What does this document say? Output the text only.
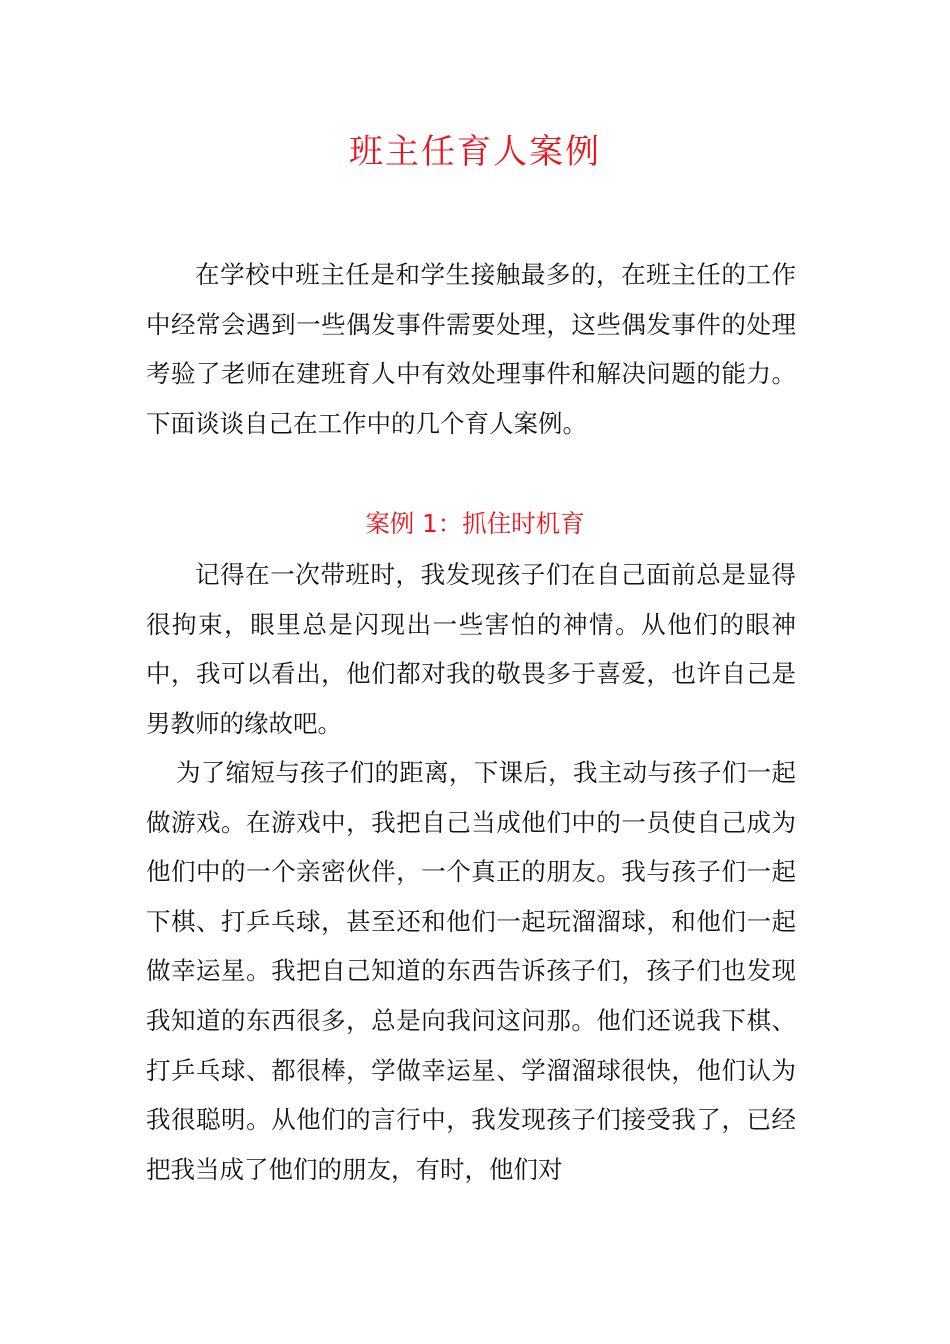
班主任育人案例

在学校中班主任是和学生接触最多的，在班主任的工作中经常会遇到一些偶发事件需要处理，这些偶发事件的处理考验了老师在建班育人中有效处理事件和解决问题的能力。下面谈谈自己在工作中的几个育人案例。

案例 1：抓住时机育

记得在一次带班时，我发现孩子们在自己面前总是显得很拘束，眼里总是闪现出一些害怕的神情。从他们的眼神中，我可以看出，他们都对我的敬畏多于喜爱，也许自己是男教师的缘故吧。

为了缩短与孩子们的距离，下课后，我主动与孩子们一起做游戏。在游戏中，我把自己当成他们中的一员使自己成为他们中的一个亲密伙伴，一个真正的朋友。我与孩子们一起下棋、打乒乓球，甚至还和他们一起玩溜溜球，和他们一起做幸运星。我把自己知道的东西告诉孩子们，孩子们也发现我知道的东西很多，总是向我问这问那。他们还说我下棋、打乒乓球、都很棒，学做幸运星、学溜溜球很快，他们认为我很聪明。从他们的言行中，我发现孩子们接受我了，已经把我当成了他们的朋友，有时，他们对
